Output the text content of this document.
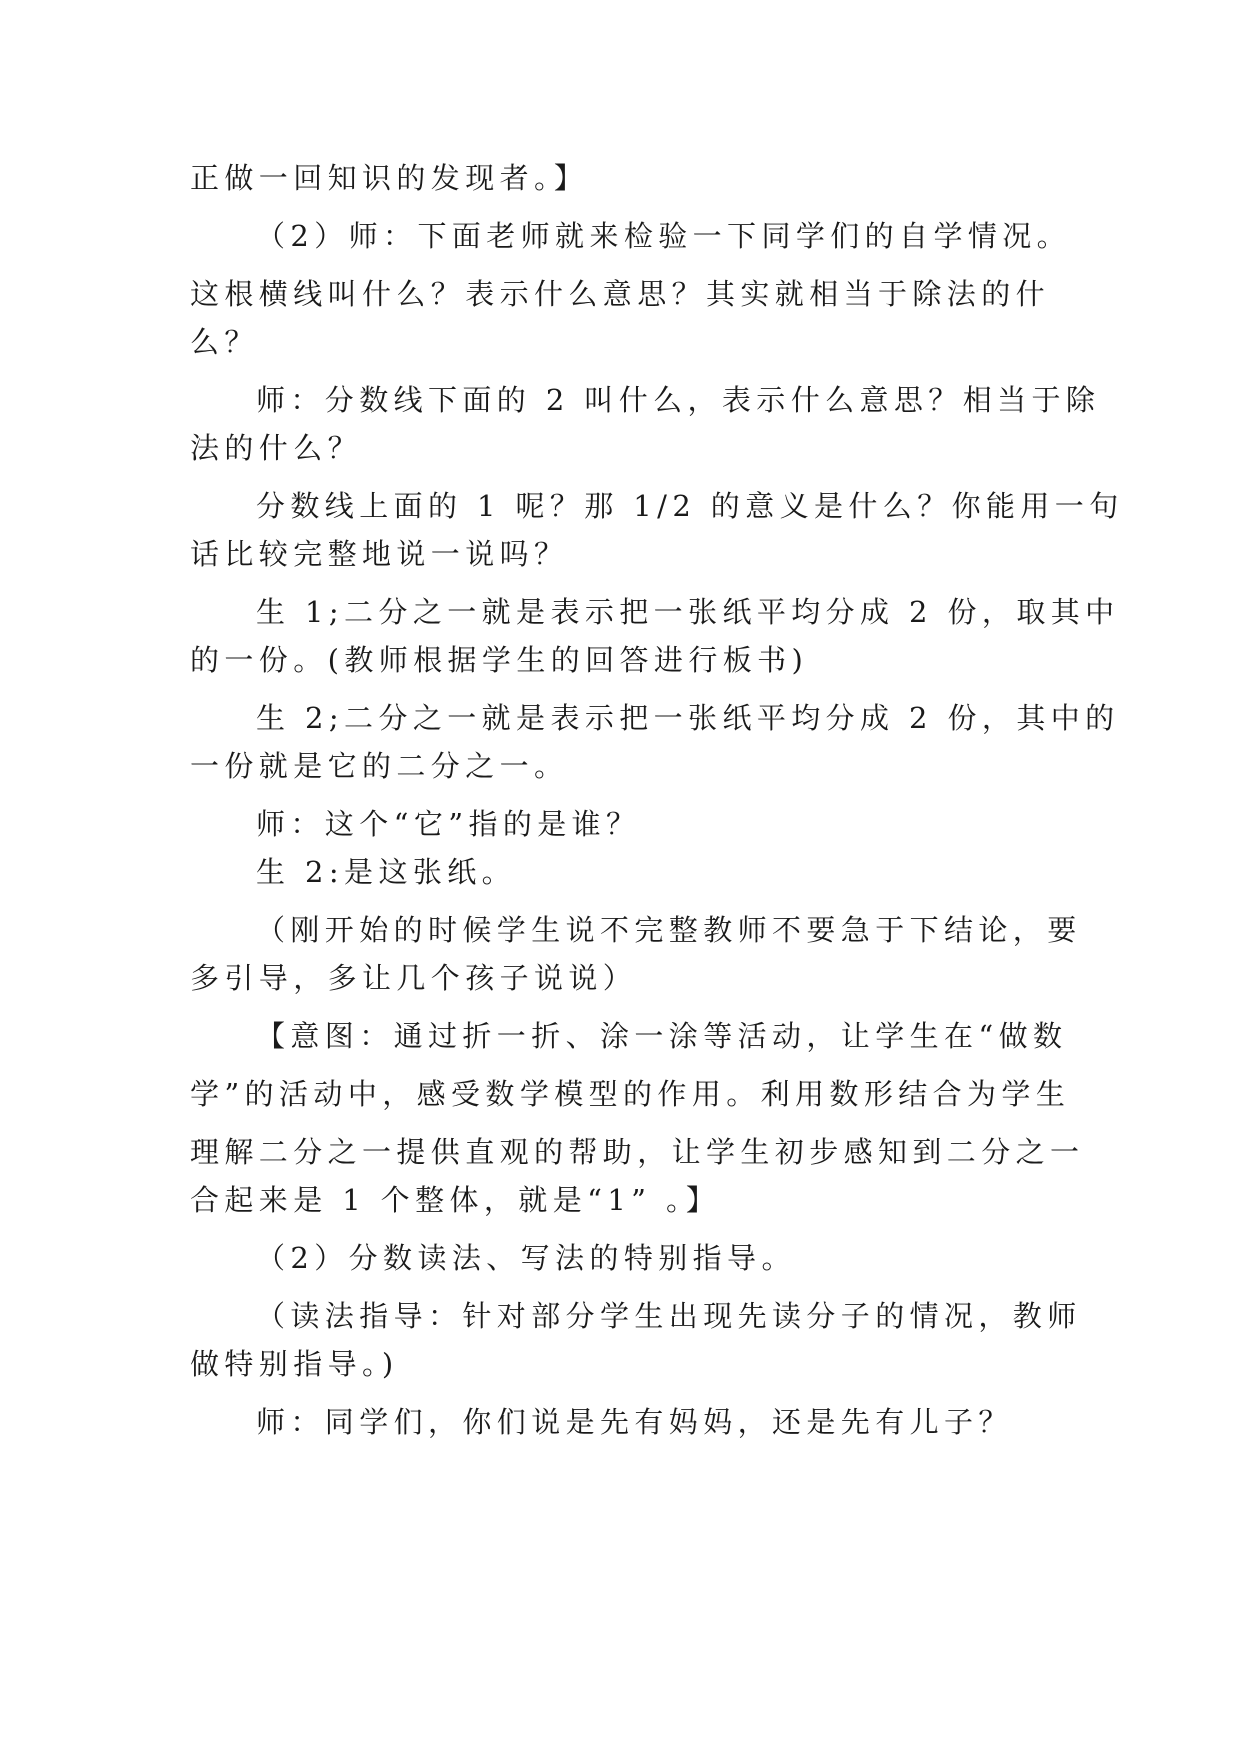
正做一回知识的发现者。】
（2）师：下面老师就来检验一下同学们的自学情况。
这根横线叫什么？表示什么意思？其实就相当于除法的什
么？
师：分数线下面的 2 叫什么，表示什么意思？相当于除
法的什么？
分数线上面的 1 呢？那 1/2 的意义是什么？你能用一句
话比较完整地说一说吗？
生 1;二分之一就是表示把一张纸平均分成 2 份，取其中
的一份。(教师根据学生的回答进行板书)
生 2;二分之一就是表示把一张纸平均分成 2 份，其中的
一份就是它的二分之一。
师：这个“它”指的是谁？
生 2:是这张纸。
（刚开始的时候学生说不完整教师不要急于下结论，要
多引导，多让几个孩子说说）
【意图：通过折一折、涂一涂等活动，让学生在“做数
学”的活动中，感受数学模型的作用。利用数形结合为学生
理解二分之一提供直观的帮助，让学生初步感知到二分之一
合起来是 1 个整体，就是“1” 。】
（2）分数读法、写法的特别指导。
（读法指导：针对部分学生出现先读分子的情况，教师
做特别指导。)
师：同学们，你们说是先有妈妈，还是先有儿子？
